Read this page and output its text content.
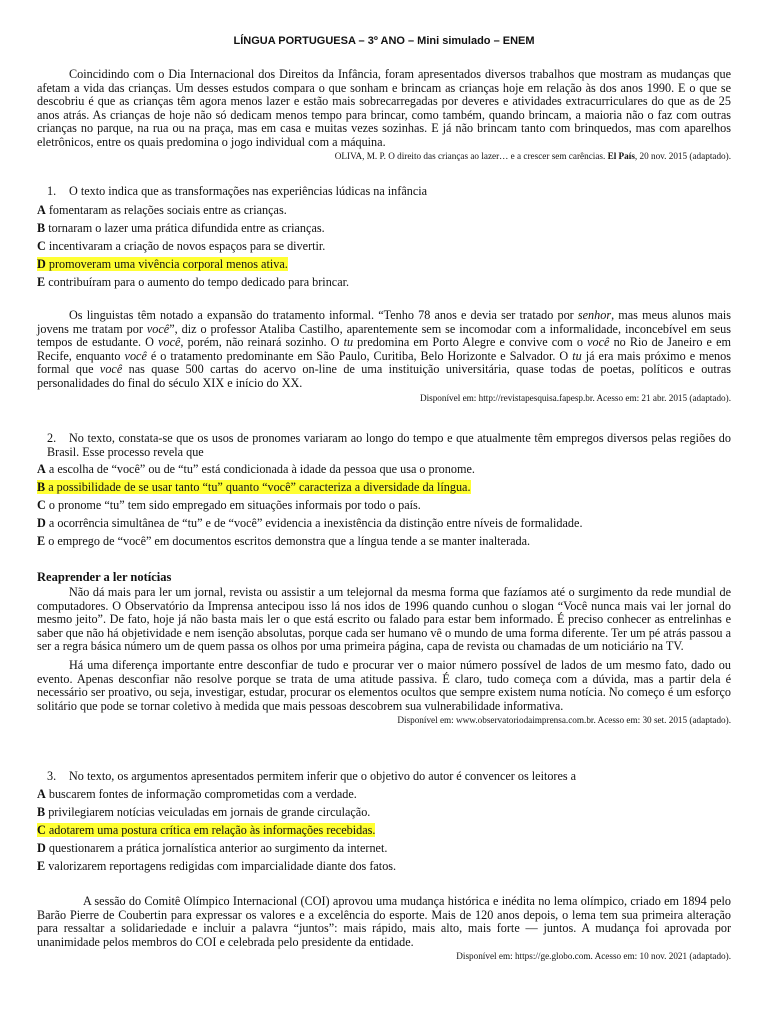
LÍNGUA PORTUGUESA – 3º ANO – Mini simulado – ENEM

Coincidindo com o Dia Internacional dos Direitos da Infância, foram apresentados diversos trabalhos que mostram as mudanças que afetam a vida das crianças. Um desses estudos compara o que sonham e brincam as crianças hoje em relação às dos anos 1990. E o que se descobriu é que as crianças têm agora menos lazer e estão mais sobrecarregadas por deveres e atividades extracurriculares do que as de 25 anos atrás. As crianças de hoje não só dedicam menos tempo para brincar, como também, quando brincam, a maioria não o faz com outras crianças no parque, na rua ou na praça, mas em casa e muitas vezes sozinhas. E já não brincam tanto com brinquedos, mas com aparelhos eletrônicos, entre os quais predomina o jogo individual com a máquina.

OLIVA, M. P. O direito das crianças ao lazer… e a crescer sem carências. El País, 20 nov. 2015 (adaptado).

1. O texto indica que as transformações nas experiências lúdicas na infância

A fomentaram as relações sociais entre as crianças.

B tornaram o lazer uma prática difundida entre as crianças.

C incentivaram a criação de novos espaços para se divertir.

D promoveram uma vivência corporal menos ativa.

E contribuíram para o aumento do tempo dedicado para brincar.

Os linguistas têm notado a expansão do tratamento informal. “Tenho 78 anos e devia ser tratado por senhor, mas meus alunos mais jovens me tratam por você”, diz o professor Ataliba Castilho, aparentemente sem se incomodar com a informalidade, inconcebível em seus tempos de estudante. O você, porém, não reinará sozinho. O tu predomina em Porto Alegre e convive com o você no Rio de Janeiro e em Recife, enquanto você é o tratamento predominante em São Paulo, Curitiba, Belo Horizonte e Salvador. O tu já era mais próximo e menos formal que você nas quase 500 cartas do acervo on-line de uma instituição universitária, quase todas de poetas, políticos e outras personalidades do final do século XIX e início do XX.

Disponível em: http://revistapesquisa.fapesp.br. Acesso em: 21 abr. 2015 (adaptado).

2. No texto, constata-se que os usos de pronomes variaram ao longo do tempo e que atualmente têm empregos diversos pelas regiões do Brasil. Esse processo revela que

A a escolha de “você” ou de “tu” está condicionada à idade da pessoa que usa o pronome.

B a possibilidade de se usar tanto “tu” quanto “você” caracteriza a diversidade da língua.

C o pronome “tu” tem sido empregado em situações informais por todo o país.

D a ocorrência simultânea de “tu” e de “você” evidencia a inexistência da distinção entre níveis de formalidade.

E o emprego de “você” em documentos escritos demonstra que a língua tende a se manter inalterada.

Reaprender a ler notícias

Não dá mais para ler um jornal, revista ou assistir a um telejornal da mesma forma que fazíamos até o surgimento da rede mundial de computadores. O Observatório da Imprensa antecipou isso lá nos idos de 1996 quando cunhou o slogan “Você nunca mais vai ler jornal do mesmo jeito”. De fato, hoje já não basta mais ler o que está escrito ou falado para estar bem informado. É preciso conhecer as entrelinhas e saber que não há objetividade e nem isenção absolutas, porque cada ser humano vê o mundo de uma forma diferente. Ter um pé atrás passou a ser a regra básica número um de quem passa os olhos por uma primeira página, capa de revista ou chamadas de um noticiário na TV.

Há uma diferença importante entre desconfiar de tudo e procurar ver o maior número possível de lados de um mesmo fato, dado ou evento. Apenas desconfiar não resolve porque se trata de uma atitude passiva. É claro, tudo começa com a dúvida, mas a partir dela é necessário ser proativo, ou seja, investigar, estudar, procurar os elementos ocultos que sempre existem numa notícia. No começo é um esforço solitário que pode se tornar coletivo à medida que mais pessoas descobrem sua vulnerabilidade informativa.

Disponível em: www.observatoriodaimprensa.com.br. Acesso em: 30 set. 2015 (adaptado).

3. No texto, os argumentos apresentados permitem inferir que o objetivo do autor é convencer os leitores a

A buscarem fontes de informação comprometidas com a verdade.

B privilegiarem notícias veiculadas em jornais de grande circulação.

C adotarem uma postura crítica em relação às informações recebidas.

D questionarem a prática jornalística anterior ao surgimento da internet.

E valorizarem reportagens redigidas com imparcialidade diante dos fatos.

A sessão do Comitê Olímpico Internacional (COI) aprovou uma mudança histórica e inédita no lema olímpico, criado em 1894 pelo Barão Pierre de Coubertin para expressar os valores e a excelência do esporte. Mais de 120 anos depois, o lema tem sua primeira alteração para ressaltar a solidariedade e incluir a palavra “juntos”: mais rápido, mais alto, mais forte — juntos. A mudança foi aprovada por unanimidade pelos membros do COI e celebrada pelo presidente da entidade.

Disponível em: https://ge.globo.com. Acesso em: 10 nov. 2021 (adaptado).
